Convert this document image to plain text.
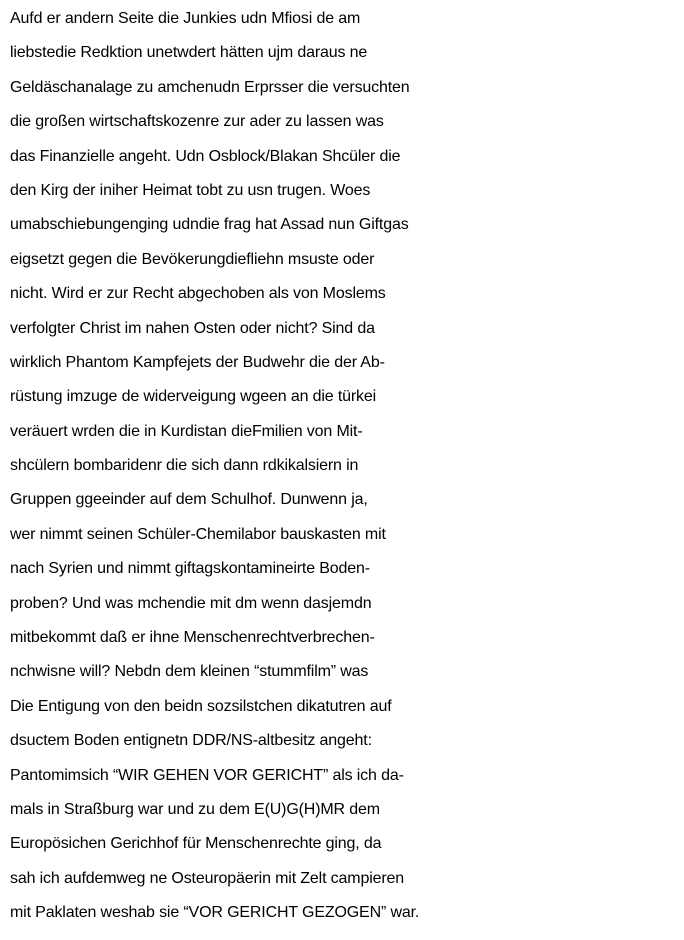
Aufd er andern Seite die Junkies udn Mfiosi de am
liebstedie Redktion unetwdert hätten ujm daraus ne
Geldäschanalage zu amchenudn Erprsser die versuchten
die großen wirtschaftskozenre zur ader zu lassen was
das Finanzielle angeht. Udn Osblock/Blakan Shcüler die
den Kirg der iniher Heimat tobt zu usn trugen. Woes
umabschiebungenging udndie frag hat Assad nun Giftgas
eigsetzt gegen die Bevökerungdiefliehn msuste oder
nicht. Wird er zur Recht abgechoben als von Moslems
verfolgter Christ im nahen Osten oder nicht? Sind da
wirklich Phantom Kampfejets der Budwehr die der Ab-
rüstung imzuge de widerveigung wgeen an die türkei
veräuert wrden die in Kurdistan dieFmilien von Mit-
shcülern bombaridenr die sich dann rdkikalsiern in
Gruppen ggeeinder auf dem Schulhof. Dunwenn ja,
wer nimmt seinen Schüler-Chemilabor bauskasten mit
nach Syrien und nimmt giftagskontamineirte Boden-
proben? Und was mchendie mit dm wenn dasjemdn
mitbekommt daß er ihne Menschenrechtverbrechen-
nchwisne will? Nebdn dem kleinen “stummfilm” was
Die Entigung von den beidn sozsilstchen dikatutren auf
dsuctem Boden entignetn DDR/NS-altbesitz angeht:
Pantomimsich “WIR GEHEN VOR GERICHT” als ich da-
mals in Straßburg war und zu dem E(U)G(H)MR dem
Europösichen Gerichhof für Menschenrechte ging, da
sah ich aufdemweg ne Osteuropäerin mit Zelt campieren
mit Paklaten weshab sie “VOR GERICHT GEZOGEN” war.
